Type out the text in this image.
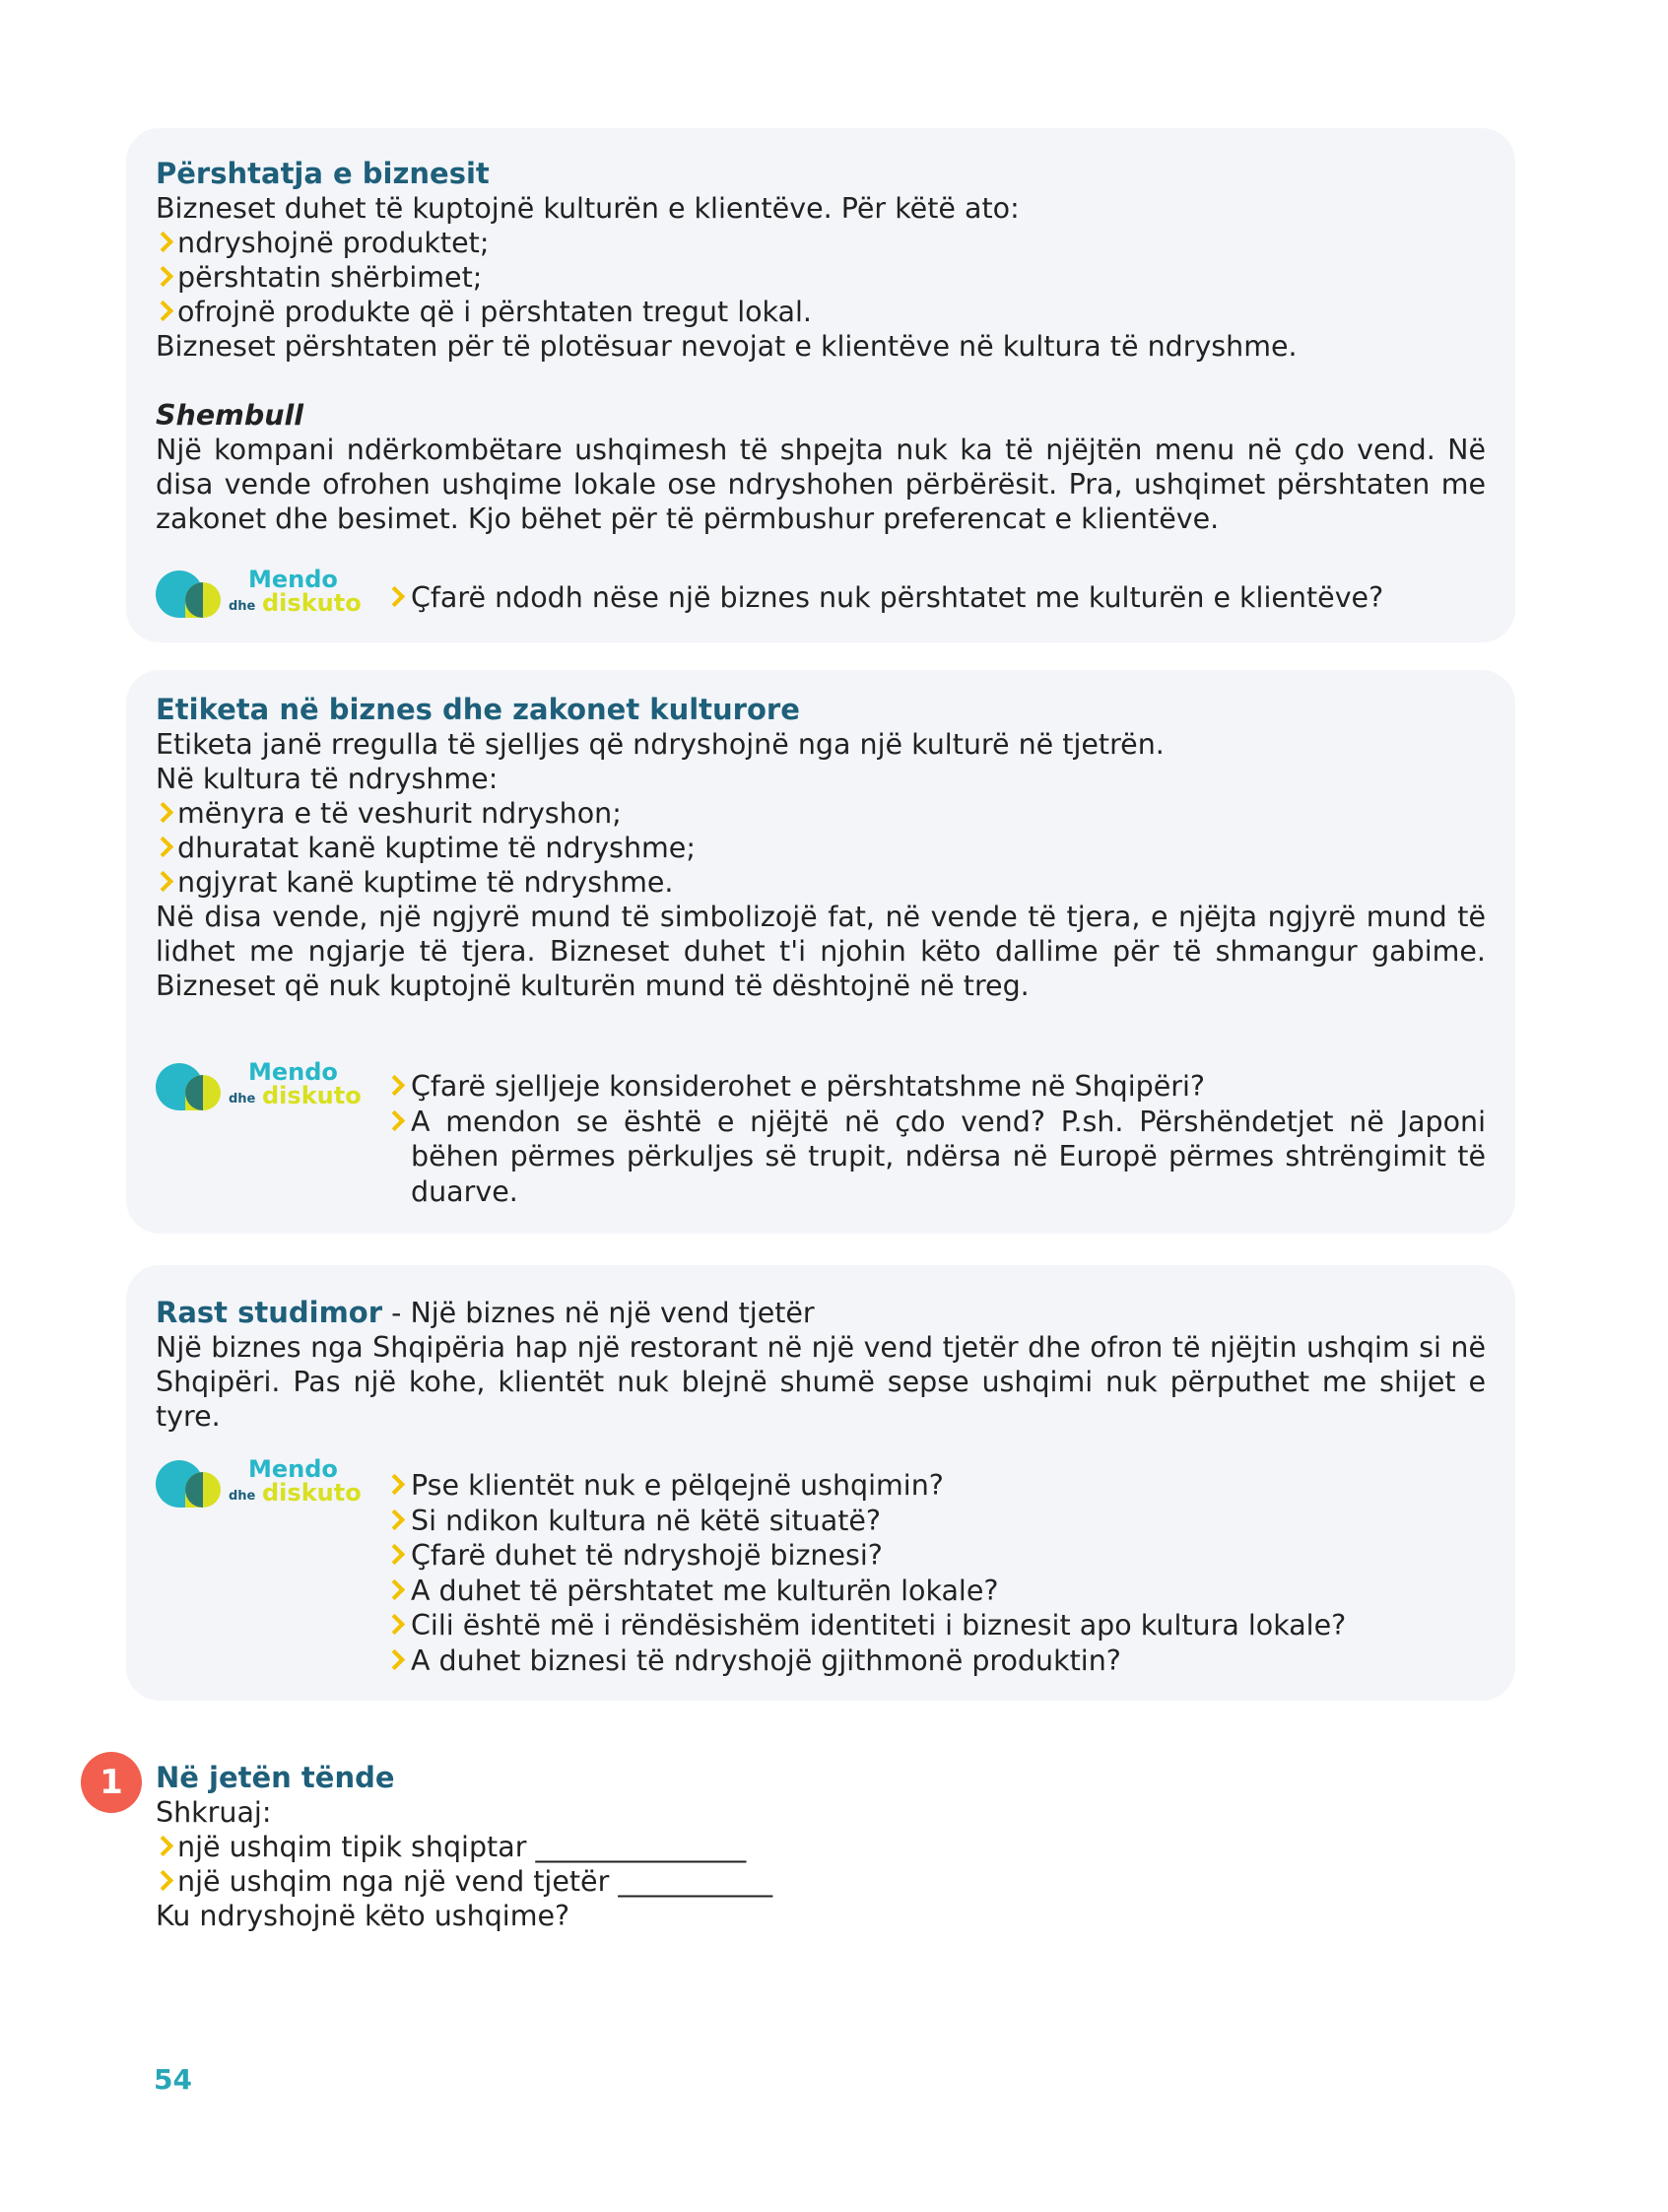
Përshtatja e biznesit

Bizneset duhet të kuptojnë kulturën e klientëve. Për këtë ato:

ndryshojnë produktet;
përshtatin shërbimet;
ofrojnë produkte që i përshtaten tregut lokal.

Bizneset përshtaten për të plotësuar nevojat e klientëve në kultura të ndryshme.

Shembull

Një kompani ndërkombëtare ushqimesh të shpejta nuk ka të njëjtën menu në çdo vend. Në disa vende ofrohen ushqime lokale ose ndryshohen përbërësit. Pra, ushqimet përshtaten me zakonet dhe besimet. Kjo bëhet për të përmbushur preferencat e klientëve.

Mendo
dhe diskuto	Çfarë ndodh nëse një biznes nuk përshtatet me kulturën e klientëve?
Etiketa në biznes dhe zakonet kulturore

Etiketa janë rregulla të sjelljes që ndryshojnë nga një kulturë në tjetrën.

Në kultura të ndryshme:

mënyra e të veshurit ndryshon;
dhuratat kanë kuptime të ndryshme;
ngjyrat kanë kuptime të ndryshme.

Në disa vende, një ngjyrë mund të simbolizojë fat, në vende të tjera, e njëjta ngjyrë mund të lidhet me ngjarje të tjera. Bizneset duhet t'i njohin këto dallime për të shmangur gabime. Bizneset që nuk kuptojnë kulturën mund të dështojnë në treg.

Mendo
dhe diskuto	Çfarë sjelljeje konsiderohet e përshtatshme në Shqipëri?
A mendon se është e njëjtë në çdo vend? P.sh. Përshëndetjet në Japoni bëhen përmes përkuljes së trupit, ndërsa në Europë përmes shtrëngimit të duarve.
Rast studimor - Një biznes në një vend tjetër

Një biznes nga Shqipëria hap një restorant në një vend tjetër dhe ofron të njëjtin ushqim si në Shqipëri. Pas një kohe, klientët nuk blejnë shumë sepse ushqimi nuk përputhet me shijet e tyre.

Mendo
dhe diskuto	Pse klientët nuk e pëlqejnë ushqimin?
Si ndikon kultura në këtë situatë?
Çfarë duhet të ndryshojë biznesi?
A duhet të përshtatet me kulturën lokale?
Cili është më i rëndësishëm identiteti i biznesit apo kultura lokale?
A duhet biznesi të ndryshojë gjithmonë produktin?
1	Në jetën tënde

Shkruaj:

një ushqim tipik shqiptar _______________
një ushqim nga një vend tjetër ___________

Ku ndryshojnë këto ushqime?

54
